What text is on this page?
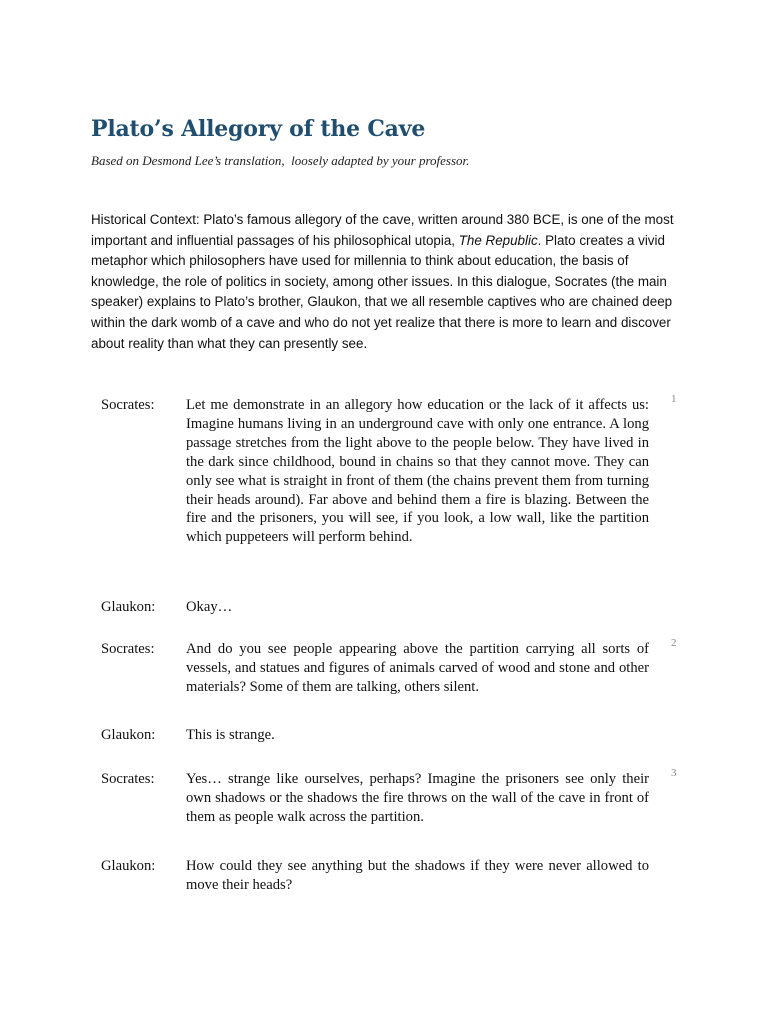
Plato’s Allegory of the Cave

Based on Desmond Lee’s translation,  loosely adapted by your professor.

Historical Context: Plato’s famous allegory of the cave, written around 380 BCE, is one of the most important and influential passages of his philosophical utopia, The Republic. Plato creates a vivid metaphor which philosophers have used for millennia to think about education, the basis of knowledge, the role of politics in society, among other issues. In this dialogue, Socrates (the main speaker) explains to Plato’s brother, Glaukon, that we all resemble captives who are chained deep within the dark womb of a cave and who do not yet realize that there is more to learn and discover about reality than what they can presently see.

Socrates: Let me demonstrate in an allegory how education or the lack of it affects us: Imagine humans living in an underground cave with only one entrance. A long passage stretches from the light above to the people below. They have lived in the dark since childhood, bound in chains so that they cannot move. They can only see what is straight in front of them (the chains prevent them from turning their heads around). Far above and behind them a fire is blazing. Between the fire and the prisoners, you will see, if you look, a low wall, like the partition which puppeteers will perform behind.

1
Glaukon: Okay…

Socrates: And do you see people appearing above the partition carrying all sorts of vessels, and statues and figures of animals carved of wood and stone and other materials? Some of them are talking, others silent.

2
Glaukon: This is strange.

Socrates: Yes… strange like ourselves, perhaps? Imagine the prisoners see only their own shadows or the shadows the fire throws on the wall of the cave in front of them as people walk across the partition.

3
Glaukon: How could they see anything but the shadows if they were never allowed to move their heads?
